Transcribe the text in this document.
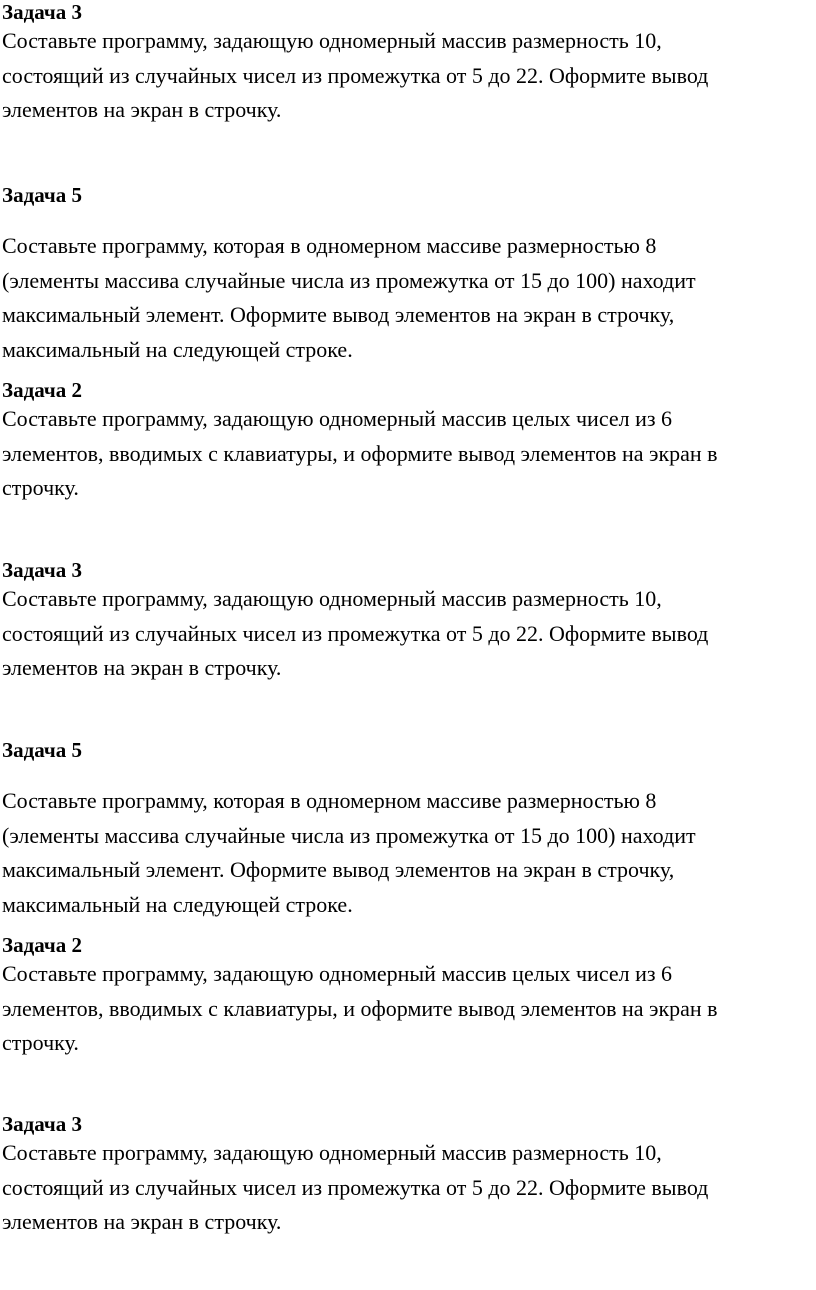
Задача 3
Составьте программу, задающую одномерный массив размерность 10,
состоящий из случайных чисел из промежутка от 5 до 22. Оформите вывод
элементов на экран в строчку.
Задача 5
Составьте программу, которая в одномерном массиве размерностью 8
(элементы массива случайные числа из промежутка от 15 до 100) находит
максимальный элемент. Оформите вывод элементов на экран в строчку,
максимальный на следующей строке.
Задача 2
Составьте программу, задающую одномерный массив целых чисел из 6
элементов, вводимых с клавиатуры, и оформите вывод элементов на экран в
строчку.
Задача 3
Составьте программу, задающую одномерный массив размерность 10,
состоящий из случайных чисел из промежутка от 5 до 22. Оформите вывод
элементов на экран в строчку.
Задача 5
Составьте программу, которая в одномерном массиве размерностью 8
(элементы массива случайные числа из промежутка от 15 до 100) находит
максимальный элемент. Оформите вывод элементов на экран в строчку,
максимальный на следующей строке.
Задача 2
Составьте программу, задающую одномерный массив целых чисел из 6
элементов, вводимых с клавиатуры, и оформите вывод элементов на экран в
строчку.
Задача 3
Составьте программу, задающую одномерный массив размерность 10,
состоящий из случайных чисел из промежутка от 5 до 22. Оформите вывод
элементов на экран в строчку.
